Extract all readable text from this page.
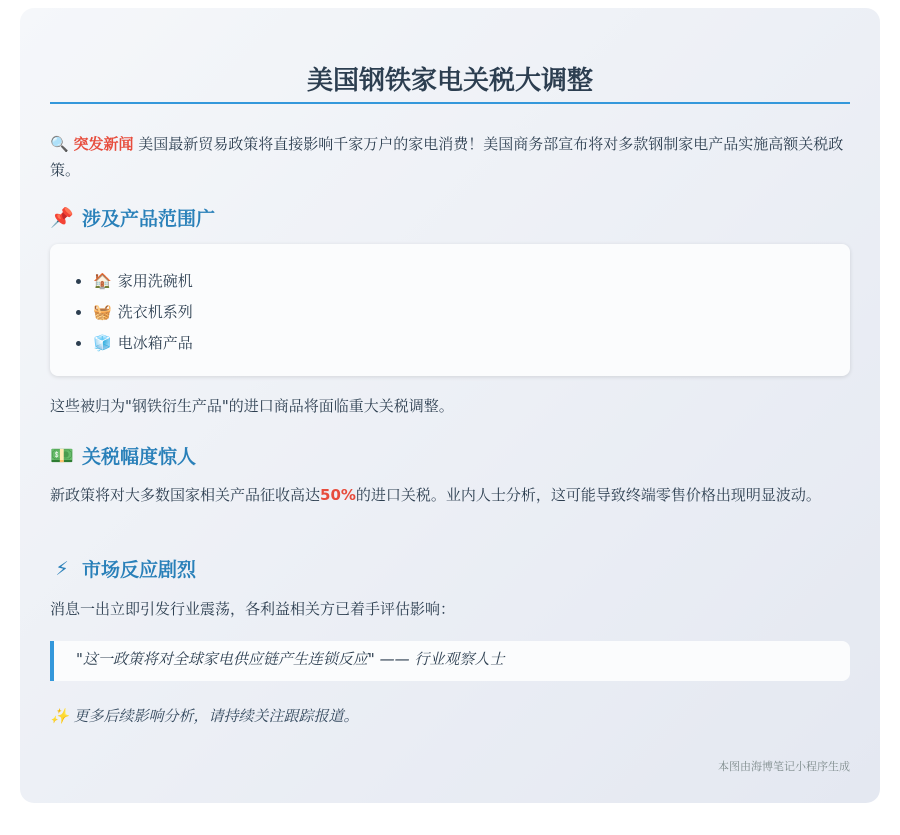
美国钢铁家电关税大调整

🔍 突发新闻 美国最新贸易政策将直接影响千家万户的家电消费！美国商务部宣布将对多款钢制家电产品实施高额关税政策。

📌 涉及产品范围广
🏠 家用洗碗机
🧺 洗衣机系列
🧊 电冰箱产品

这些被归为"钢铁衍生产品"的进口商品将面临重大关税调整。

💵 关税幅度惊人

新政策将对大多数国家相关产品征收高达50%的进口关税。业内人士分析，这可能导致终端零售价格出现明显波动。

⚡ 市场反应剧烈

消息一出立即引发行业震荡，各利益相关方已着手评估影响：

"这一政策将对全球家电供应链产生连锁反应" —— 行业观察人士

✨ 更多后续影响分析，请持续关注跟踪报道。

本图由海博笔记小程序生成
